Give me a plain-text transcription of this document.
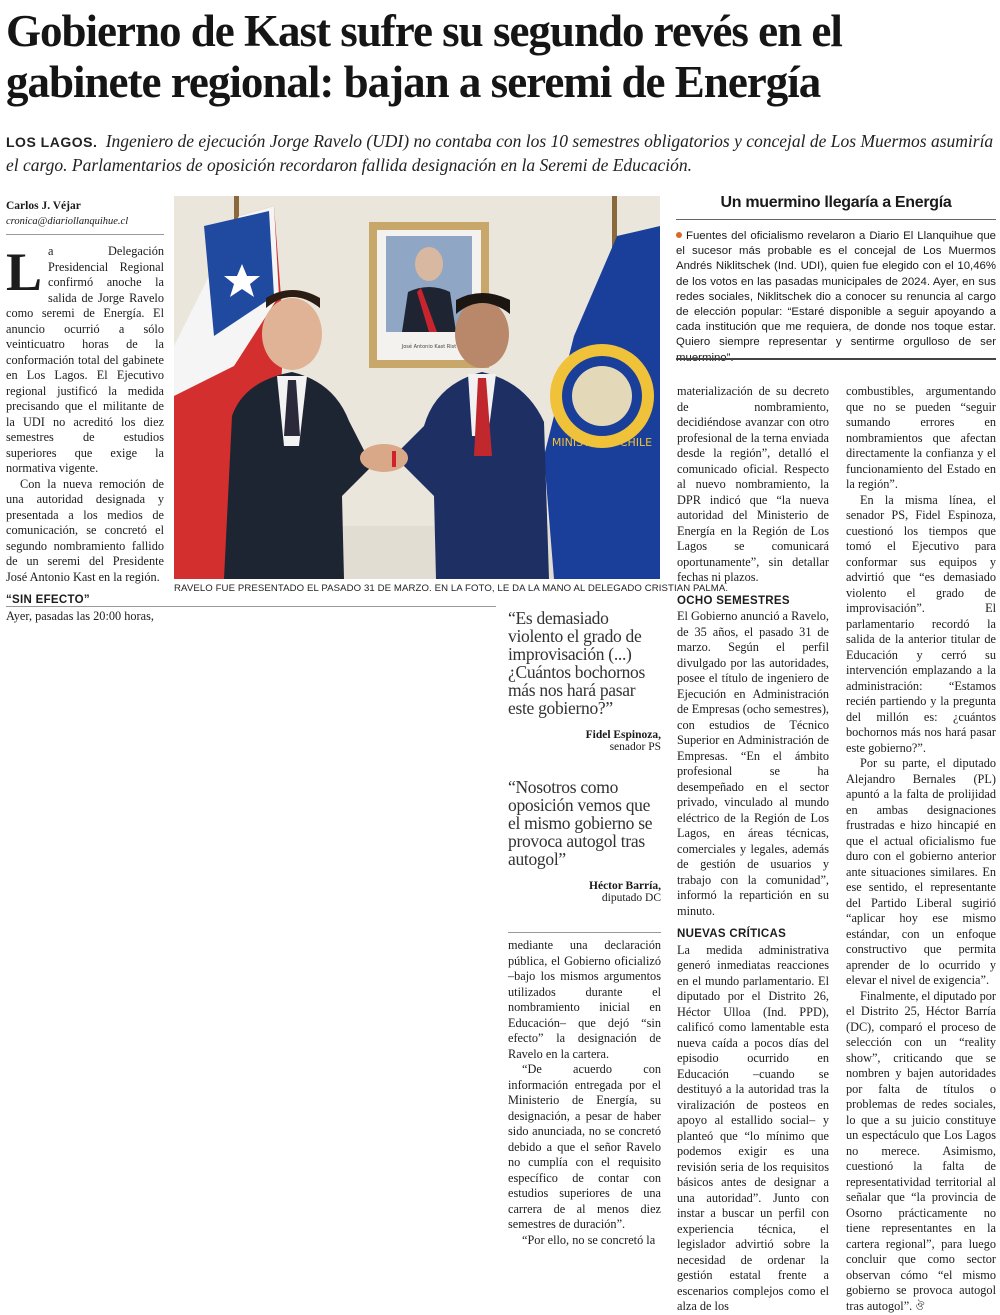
Gobierno de Kast sufre su segundo revés en el gabinete regional: bajan a seremi de Energía
LOS LAGOS. Ingeniero de ejecución Jorge Ravelo (UDI) no contaba con los 10 semestres obligatorios y concejal de Los Muermos asumiría el cargo. Parlamentarios de oposición recordaron fallida designación en la Seremi de Educación.
Carlos J. Véjar
cronica@diariollanquihue.cl
L a Delegación Presidencial Regional confirmó anoche la salida de Jorge Ravelo como seremi de Energía. El anuncio ocurrió a sólo veinticuatro horas de la conformación total del gabinete en Los Lagos. El Ejecutivo regional justificó la medida precisando que el militante de la UDI no acreditó los diez semestres de estudios superiores que exige la normativa vigente.

Con la nueva remoción de una autoridad designada y presentada a los medios de comunicación, se concretó el segundo nombramiento fallido de un seremi del Presidente José Antonio Kast en la región.

“SIN EFECTO”

Ayer, pasadas las 20:00 horas,

José Antonio Kast Rist
MINISTERIO CHILE
RAVELO FUE PRESENTADO EL PASADO 31 DE MARZO. EN LA FOTO, LE DA LA MANO AL DELEGADO CRISTIAN PALMA.
Un muermino llegaría a Energía
Fuentes del oficialismo revelaron a Diario El Llanquihue que el sucesor más probable es el concejal de Los Muermos Andrés Niklitschek (Ind. UDI), quien fue elegido con el 10,46% de los votos en las pasadas municipales de 2024. Ayer, en sus redes sociales, Niklitschek dio a conocer su renuncia al cargo de elección popular: “Estaré disponible a seguir apoyando a cada institución que me requiera, de donde nos toque estar. Quiero siempre representar y sentirme orgulloso de ser muermino”.
“Es demasiado violento el grado de improvisación (...) ¿Cuántos bochornos más nos hará pasar este gobierno?”
Fidel Espinoza,
senador PS
“Nosotros como oposición vemos que el mismo gobierno se provoca autogol tras autogol”
Héctor Barría,
diputado DC

mediante una declaración pública, el Gobierno oficializó –bajo los mismos argumentos utilizados durante el nombramiento inicial en Educación– que dejó “sin efecto” la designación de Ravelo en la cartera.

“De acuerdo con información entregada por el Ministerio de Energía, su designación, a pesar de haber sido anunciada, no se concretó debido a que el señor Ravelo no cumplía con el requisito específico de contar con estudios superiores de una carrera de al menos diez semestres de duración”.

“Por ello, no se concretó la

materialización de su decreto de nombramiento, decidiéndose avanzar con otro profesional de la terna enviada desde la región”, detalló el comunicado oficial. Respecto al nuevo nombramiento, la DPR indicó que “la nueva autoridad del Ministerio de Energía en la Región de Los Lagos se comunicará oportunamente”, sin detallar fechas ni plazos.

OCHO SEMESTRES

El Gobierno anunció a Ravelo, de 35 años, el pasado 31 de marzo. Según el perfil divulgado por las autoridades, posee el título de ingeniero de Ejecución en Administración de Empresas (ocho semestres), con estudios de Técnico Superior en Administración de Empresas. “En el ámbito profesional se ha desempeñado en el sector privado, vinculado al mundo eléctrico de la Región de Los Lagos, en áreas técnicas, comerciales y legales, además de gestión de usuarios y trabajo con la comunidad”, informó la repartición en su minuto.

NUEVAS CRÍTICAS

La medida administrativa generó inmediatas reacciones en el mundo parlamentario. El diputado por el Distrito 26, Héctor Ulloa (Ind. PPD), calificó como lamentable esta nueva caída a pocos días del episodio ocurrido en Educación –cuando se destituyó a la autoridad tras la viralización de posteos en apoyo al estallido social– y planteó que “lo mínimo que podemos exigir es una revisión seria de los requisitos básicos antes de designar a una autoridad”. Junto con instar a buscar un perfil con experiencia técnica, el legislador advirtió sobre la necesidad de ordenar la gestión estatal frente a escenarios complejos como el alza de los

combustibles, argumentando que no se pueden “seguir sumando errores en nombramientos que afectan directamente la confianza y el funcionamiento del Estado en la región”.

En la misma línea, el senador PS, Fidel Espinoza, cuestionó los tiempos que tomó el Ejecutivo para conformar sus equipos y advirtió que “es demasiado violento el grado de improvisación”. El parlamentario recordó la salida de la anterior titular de Educación y cerró su intervención emplazando a la administración: “Estamos recién partiendo y la pregunta del millón es: ¿cuántos bochornos más nos hará pasar este gobierno?”.

Por su parte, el diputado Alejandro Bernales (PL) apuntó a la falta de prolijidad en ambas designaciones frustradas e hizo hincapié en que el actual oficialismo fue duro con el gobierno anterior ante situaciones similares. En ese sentido, el representante del Partido Liberal sugirió “aplicar hoy ese mismo estándar, con un enfoque constructivo que permita aprender de lo ocurrido y elevar el nivel de exigencia”.

Finalmente, el diputado por el Distrito 25, Héctor Barría (DC), comparó el proceso de selección con un “reality show”, criticando que se nombren y bajen autoridades por falta de títulos o problemas de redes sociales, lo que a su juicio constituye un espectáculo que Los Lagos no merece. Asimismo, cuestionó la falta de representatividad territorial al señalar que “la provincia de Osorno prácticamente no tiene representantes en la cartera regional”, para luego concluir que como sector observan cómo “el mismo gobierno se provoca autogol tras autogol”. ঔ
